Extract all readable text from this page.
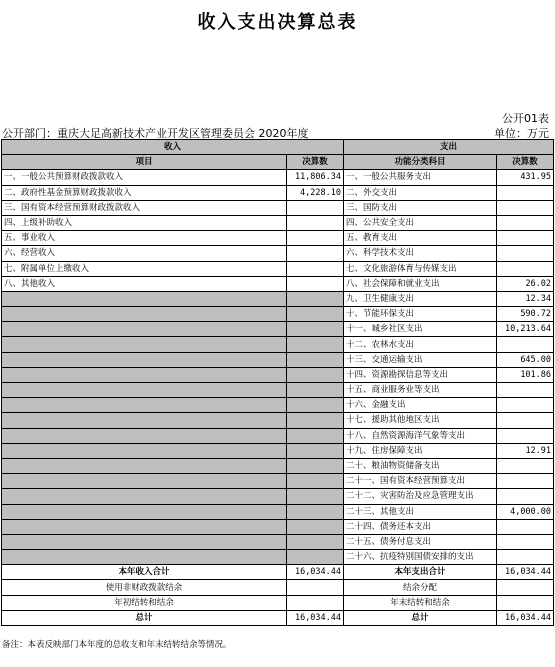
收入支出决算总表
公开01表
公开部门：重庆大足高新技术产业开发区管理委员会 2020年度	单位：万元
收入		支出	
项目	决算数	功能分类科目	决算数
一、一般公共预算财政拨款收入	11,806.34	一、一般公共服务支出	431.95
二、政府性基金预算财政拨款收入	4,228.10	二、外交支出	
三、国有资本经营预算财政拨款收入		三、国防支出	
四、上级补助收入		四、公共安全支出	
五、事业收入		五、教育支出	
六、经营收入		六、科学技术支出	
七、附属单位上缴收入		七、文化旅游体育与传媒支出	
八、其他收入		八、社会保障和就业支出	26.02
		九、卫生健康支出	12.34
		十、节能环保支出	590.72
		十一、城乡社区支出	10,213.64
		十二、农林水支出	
		十三、交通运输支出	645.00
		十四、资源勘探信息等支出	101.86
		十五、商业服务业等支出	
		十六、金融支出	
		十七、援助其他地区支出	
		十八、自然资源海洋气象等支出	
		十九、住房保障支出	12.91
		二十、粮油物资储备支出	
		二十一、国有资本经营预算支出	
		二十二、灾害防治及应急管理支出	
		二十三、其他支出	4,000.00
		二十四、债务还本支出	
		二十五、债务付息支出	
		二十六、抗疫特别国债安排的支出	
本年收入合计	16,034.44	本年支出合计	16,034.44
使用非财政拨款结余		结余分配	
年初结转和结余		年末结转和结余	
总计	16,034.44	总计	16,034.44
备注：本表反映部门本年度的总收支和年末结转结余等情况。
